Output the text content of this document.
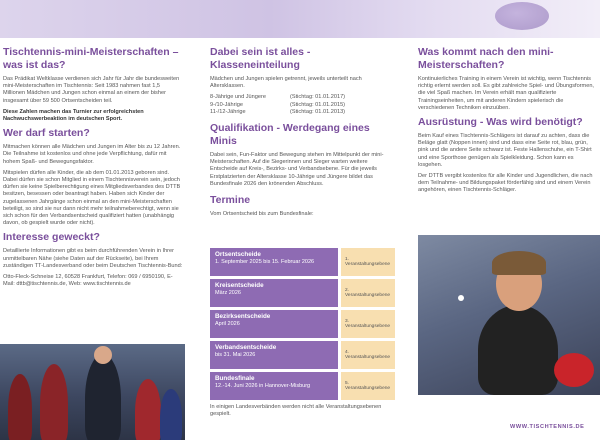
Tischtennis-mini-Meisterschaften – was ist das?

Das Prädikat Weltklasse verdienen sich Jahr für Jahr die bundesweiten mini-Meisterschaften im Tischtennis: Seit 1983 nahmen fast 1,5 Millionen Mädchen und Jungen schon einmal an einem der bisher insgesamt über 59 500 Ortsentscheiden teil.

Diese Zahlen machen das Turnier zur erfolgreichsten Nachwuchswerbeaktion im deutschen Sport.

Wer darf starten?

Mitmachen können alle Mädchen und Jungen im Alter bis zu 12 Jahren. Die Teilnahme ist kostenlos und ohne jede Verpflichtung, dafür mit hohem Spaß- und Bewegungsfaktor.

Mitspielen dürfen alle Kinder, die ab dem 01.01.2013 geboren sind. Dabei dürfen sie schon Mitglied in einem Tischtennisverein sein, jedoch dürfen sie keine Spielberechtigung eines Mitgliedsverbandes des DTTB besitzen, besessen oder beantragt haben. Haben sich Kinder der zugelassenen Jahrgänge schon einmal an den mini-Meisterschaften beteiligt, so sind sie nur dann nicht mehr teilnahmeberechtigt, wenn sie sich schon für den Verbandsentscheid qualifiziert hatten (unabhängig davon, ob gespielt wurde oder nicht).

Interesse geweckt?

Detaillierte Informationen gibt es beim durchführenden Verein in Ihrer unmittelbaren Nähe (siehe Daten auf der Rückseite), bei Ihrem zuständigen TT-Landesverband oder beim Deutschen Tischtennis-Bund:

Otto-Fleck-Schneise 12, 60528 Frankfurt, Telefon: 069 / 6950190, E-Mail: dttb@tischtennis.de, Web: www.tischtennis.de

Dabei sein ist alles - Klasseneinteilung

Mädchen und Jungen spielen getrennt, jeweils unterteilt nach Altersklassen.

8-Jährige und Jüngere	(Stichtag: 01.01.2017)
9-/10-Jährige	(Stichtag: 01.01.2015)
11-/12-Jährige	(Stichtag: 01.01.2013)
Qualifikation - Werdegang eines Minis

Dabei sein, Fun-Faktor und Bewegung stehen im Mittelpunkt der mini-Meisterschaften. Auf die Siegerinnen und Sieger warten weitere Entscheide auf Kreis-, Bezirks- und Verbandsebene. Für die jeweils Erstplatzierten der Altersklasse 10-Jährige und Jüngere bildet das Bundesfinale 2026 den krönenden Abschluss.

Termine

Vom Ortsentscheid bis zum Bundesfinale:

Ortsentscheide
1. September 2025 bis 15. Februar 2026	1. Veranstaltungsebene
Kreisentscheide
März 2026	2. Veranstaltungsebene
Bezirksentscheide
April 2026	3. Veranstaltungsebene
Verbandsentscheide
bis 31. Mai 2026	4. Veranstaltungsebene
Bundesfinale
12.-14. Juni 2026 in Hannover-Misburg	5. Veranstaltungsebene
In einigen Landesverbänden werden nicht alle Veranstaltungsebenen gespielt.
Was kommt nach den mini-Meisterschaften?

Kontinuierliches Training in einem Verein ist wichtig, wenn Tischtennis richtig erlernt werden soll. Es gibt zahlreiche Spiel- und Übungsformen, die viel Spaß machen. Im Verein erhält man qualifizierte Trainingseinheiten, um mit anderen Kindern spielerisch die verschiedenen Techniken einzuüben.

Ausrüstung - Was wird benötigt?

Beim Kauf eines Tischtennis-Schlägers ist darauf zu achten, dass die Beläge glatt (Noppen innen) sind und dass eine Seite rot, blau, grün, pink und die andere Seite schwarz ist. Feste Hallenschuhe, ein T-Shirt und eine Sporthose genügen als Spielkleidung. Schon kann es losgehen.

Der DTTB vergibt kostenlos für alle Kinder und Jugendlichen, die nach dem Teilnahme- und Bildungspaket förderfähig sind und einem Verein angehören, einen Tischtennis-Schläger.

WWW.TISCHTENNIS.DE
